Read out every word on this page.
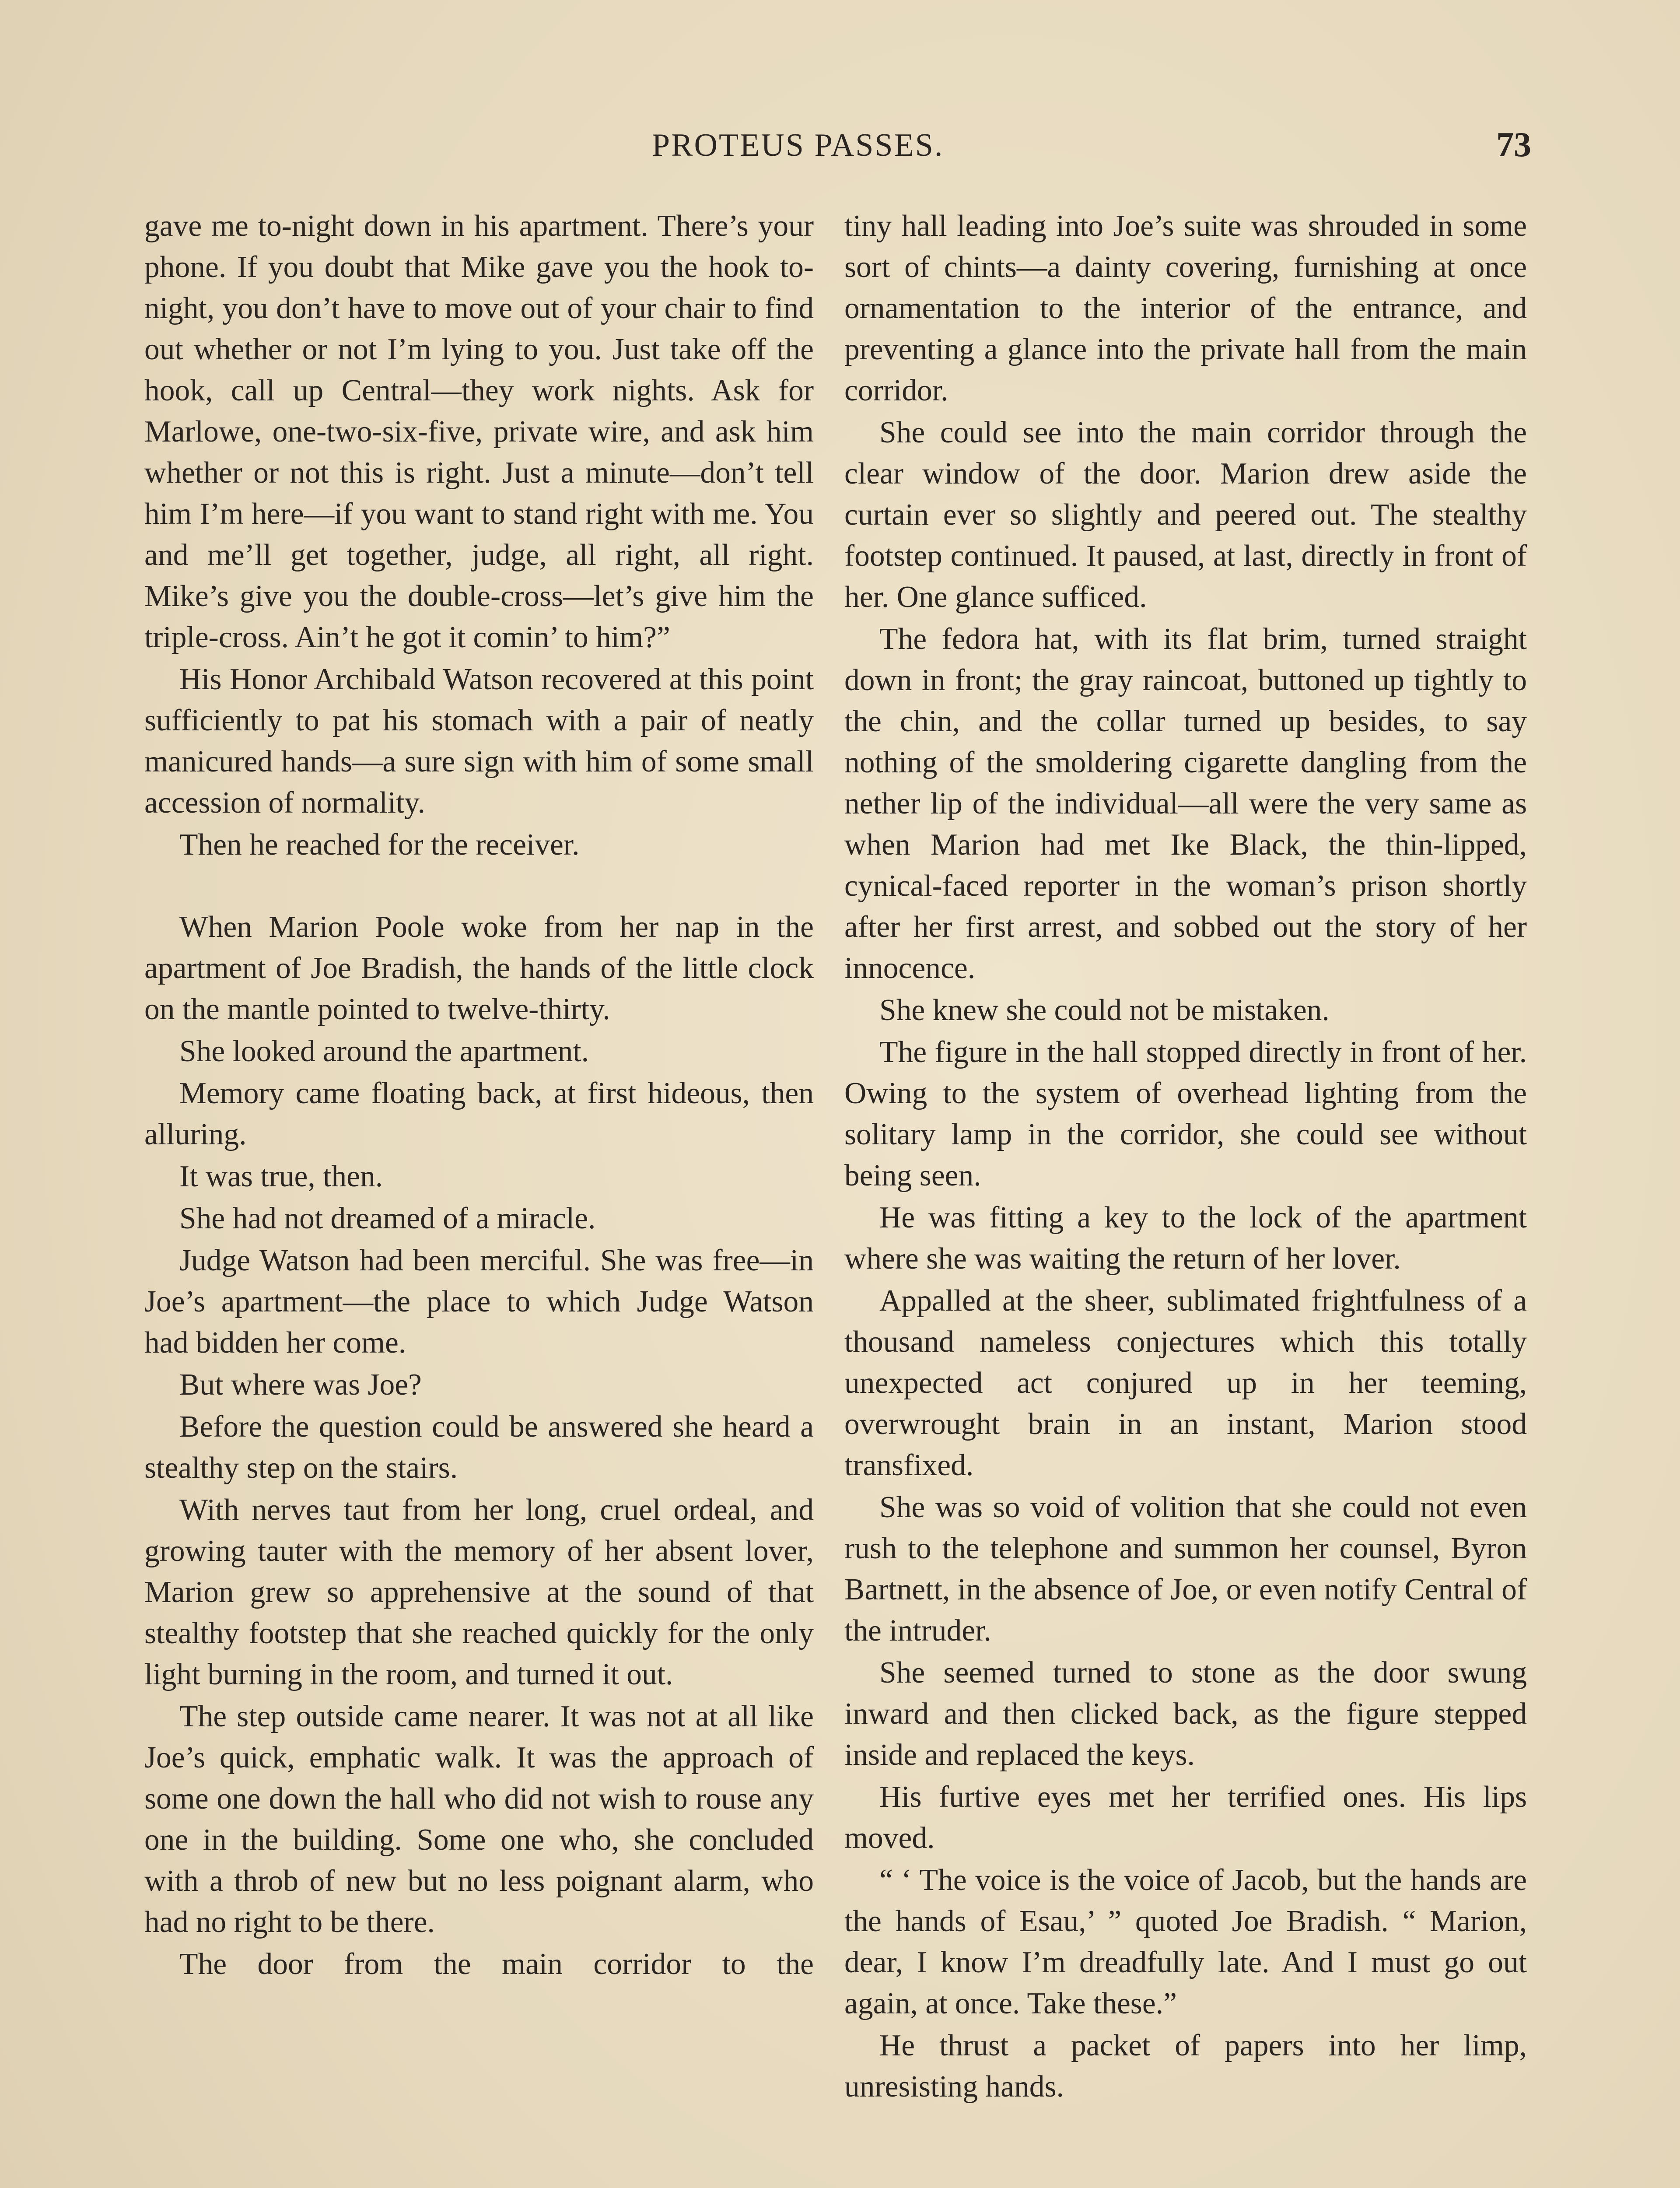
PROTEUS PASSES.	73

gave me to-night down in his apartment. There’s your phone. If you doubt that Mike gave you the hook to-night, you don’t have to move out of your chair to find out whether or not I’m lying to you. Just take off the hook, call up Central—they work nights. Ask for Marlowe, one-two-six-five, private wire, and ask him whether or not this is right. Just a minute—don’t tell him I’m here—if you want to stand right with me. You and me’ll get together, judge, all right, all right. Mike’s give you the double-cross—let’s give him the triple-cross. Ain’t he got it comin’ to him?”

His Honor Archibald Watson recovered at this point sufficiently to pat his stomach with a pair of neatly manicured hands—a sure sign with him of some small accession of normality.

Then he reached for the receiver.

When Marion Poole woke from her nap in the apartment of Joe Bradish, the hands of the little clock on the mantle pointed to twelve-thirty.

She looked around the apartment.

Memory came floating back, at first hideous, then alluring.

It was true, then.

She had not dreamed of a miracle.

Judge Watson had been merciful. She was free—in Joe’s apartment—the place to which Judge Watson had bidden her come.

But where was Joe?

Before the question could be answered she heard a stealthy step on the stairs.

With nerves taut from her long, cruel ordeal, and growing tauter with the memory of her absent lover, Marion grew so apprehensive at the sound of that stealthy footstep that she reached quickly for the only light burning in the room, and turned it out.

The step outside came nearer. It was not at all like Joe’s quick, emphatic walk. It was the approach of some one down the hall who did not wish to rouse any one in the building. Some one who, she concluded with a throb of new but no less poignant alarm, who had no right to be there.

The door from the main corridor to the

tiny hall leading into Joe’s suite was shrouded in some sort of chints—a dainty covering, furnishing at once ornamentation to the interior of the entrance, and preventing a glance into the private hall from the main corridor.

She could see into the main corridor through the clear window of the door. Marion drew aside the curtain ever so slightly and peered out. The stealthy footstep continued. It paused, at last, directly in front of her. One glance sufficed.

The fedora hat, with its flat brim, turned straight down in front; the gray raincoat, buttoned up tightly to the chin, and the collar turned up besides, to say nothing of the smoldering cigarette dangling from the nether lip of the individual—all were the very same as when Marion had met Ike Black, the thin-lipped, cynical-faced reporter in the woman’s prison shortly after her first arrest, and sobbed out the story of her innocence.

She knew she could not be mistaken.

The figure in the hall stopped directly in front of her. Owing to the system of overhead lighting from the solitary lamp in the corridor, she could see without being seen.

He was fitting a key to the lock of the apartment where she was waiting the return of her lover.

Appalled at the sheer, sublimated frightfulness of a thousand nameless conjectures which this totally unexpected act conjured up in her teeming, overwrought brain in an instant, Marion stood transfixed.

She was so void of volition that she could not even rush to the telephone and summon her counsel, Byron Bartnett, in the absence of Joe, or even notify Central of the intruder.

She seemed turned to stone as the door swung inward and then clicked back, as the figure stepped inside and replaced the keys.

His furtive eyes met her terrified ones. His lips moved.

“ ‘ The voice is the voice of Jacob, but the hands are the hands of Esau,’ ” quoted Joe Bradish. “ Marion, dear, I know I’m dreadfully late. And I must go out again, at once. Take these.”

He thrust a packet of papers into her limp, unresisting hands.
